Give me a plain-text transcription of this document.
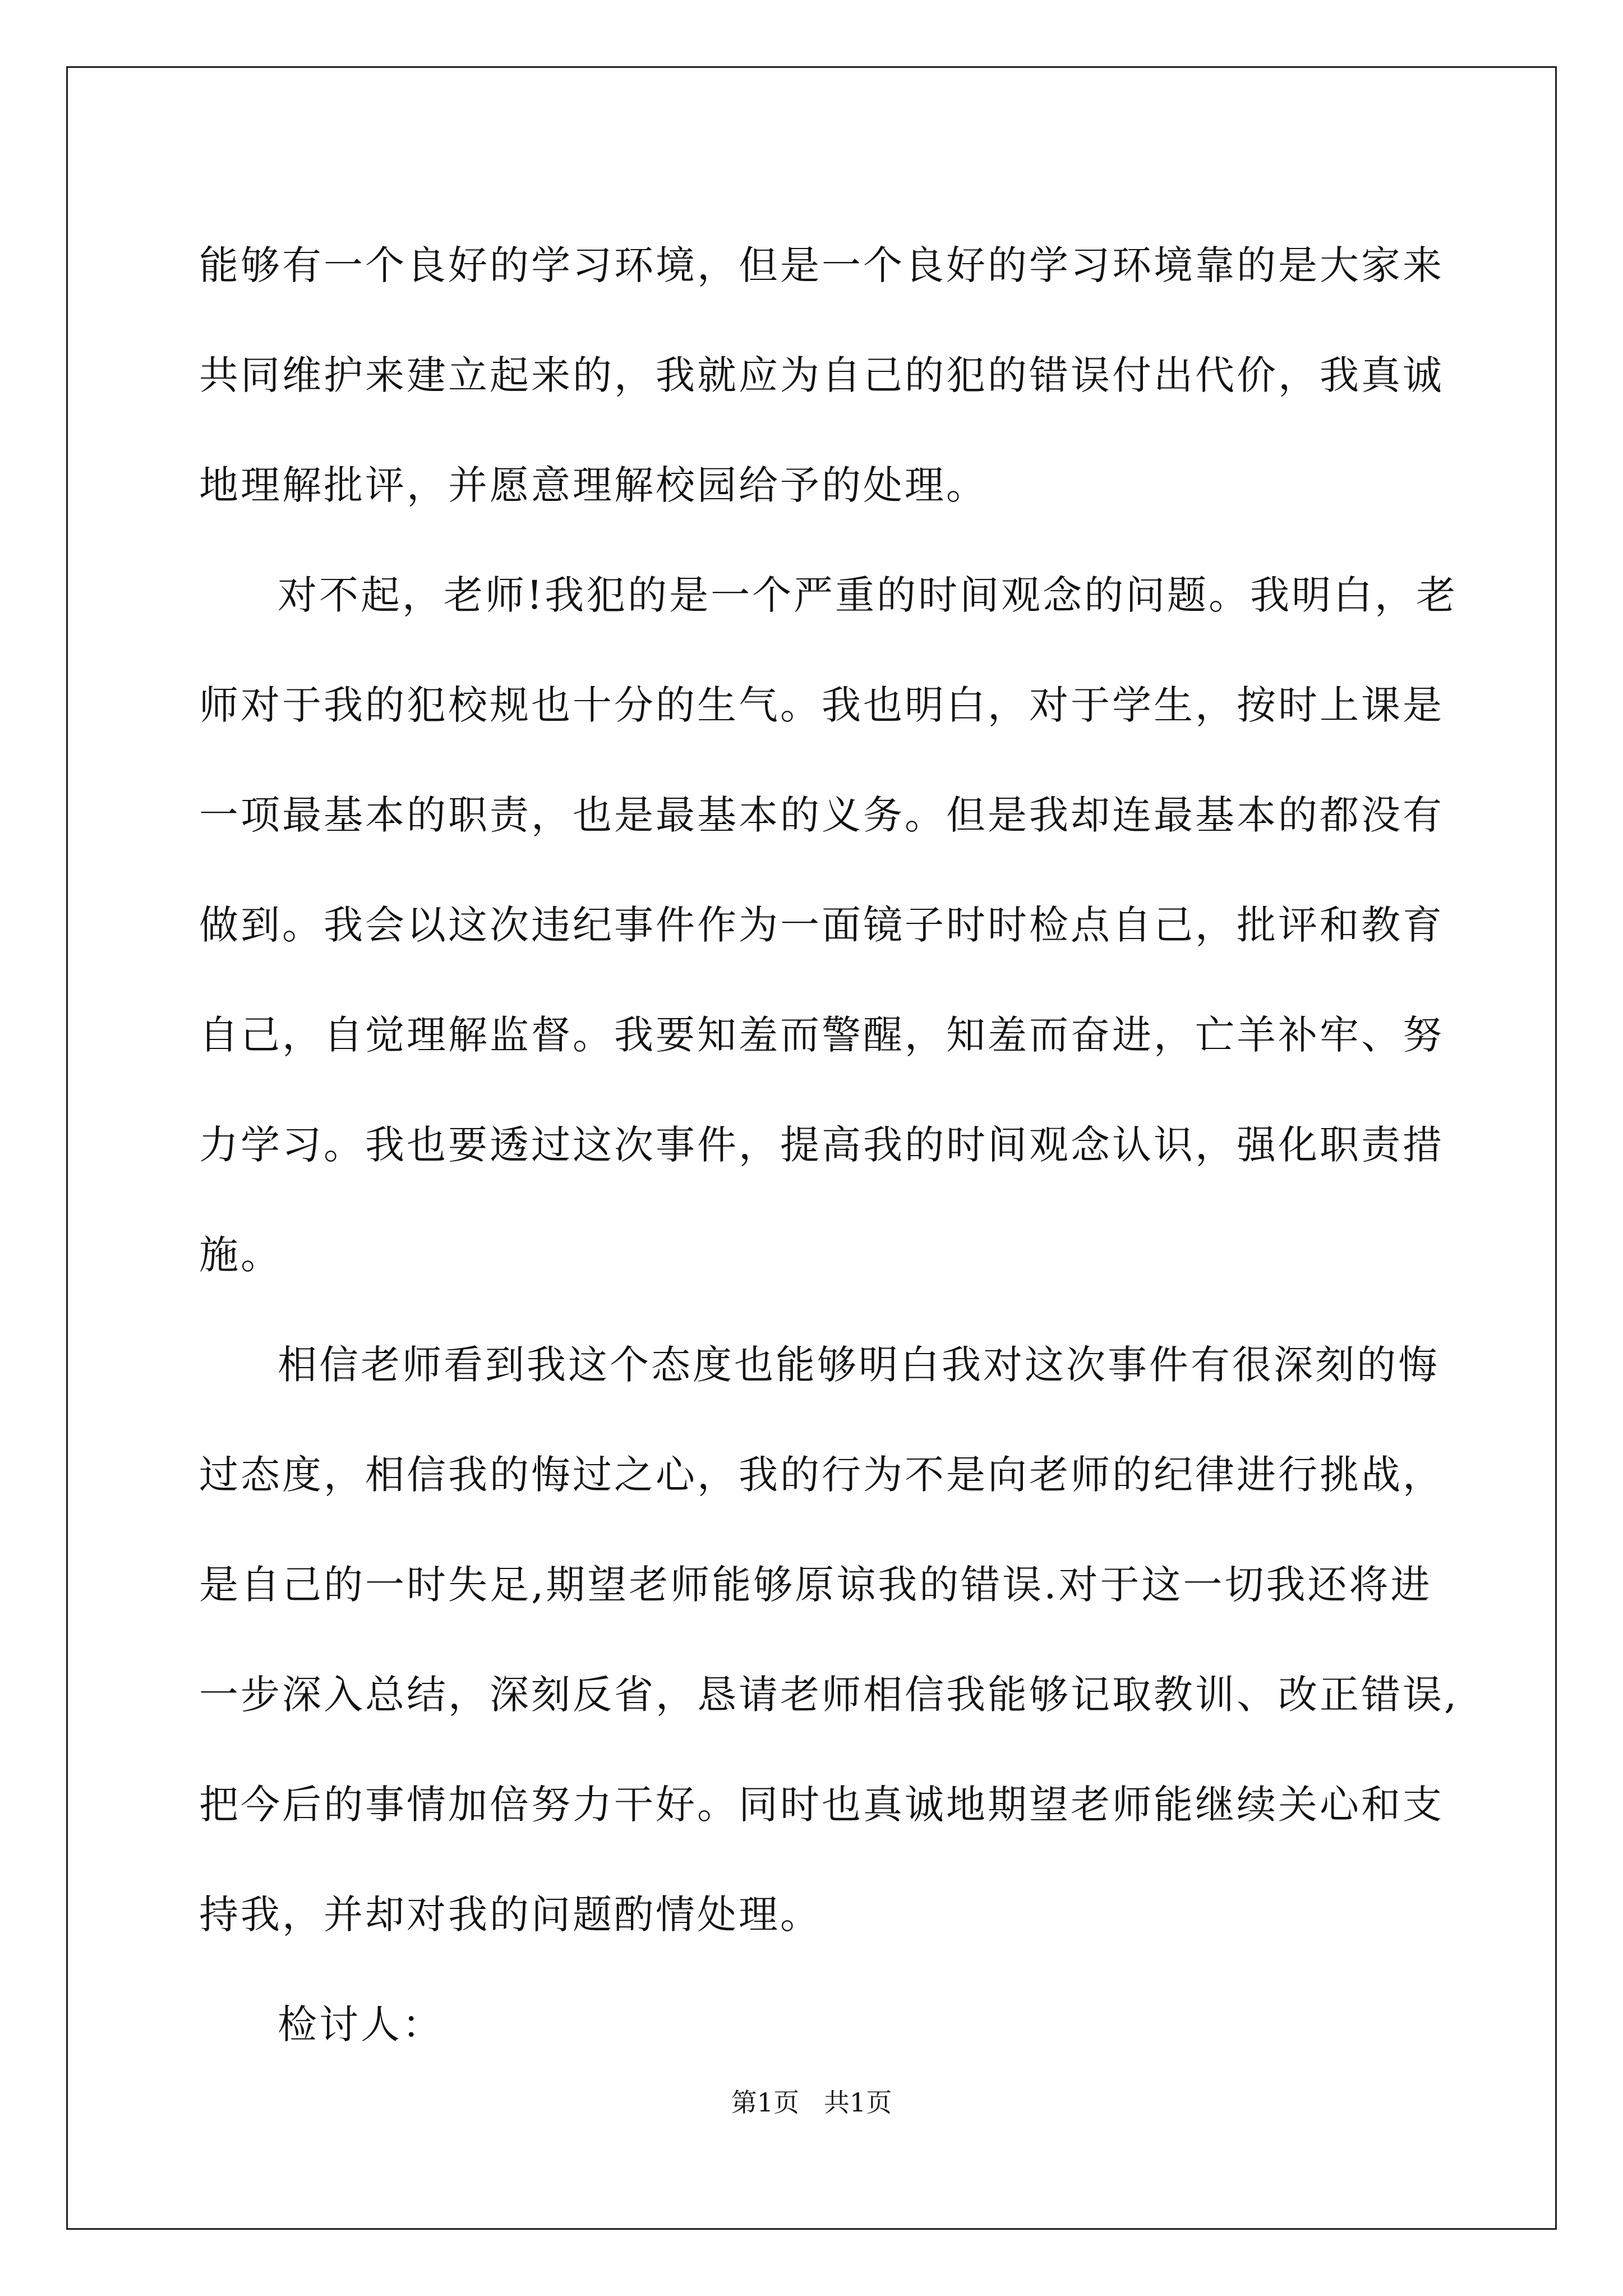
能够有一个良好的学习环境，但是一个良好的学习环境靠的是大家来
共同维护来建立起来的，我就应为自己的犯的错误付出代价，我真诚
地理解批评，并愿意理解校园给予的处理。
对不起，老师!我犯的是一个严重的时间观念的问题。我明白，老
师对于我的犯校规也十分的生气。我也明白，对于学生，按时上课是
一项最基本的职责，也是最基本的义务。但是我却连最基本的都没有
做到。我会以这次违纪事件作为一面镜子时时检点自己，批评和教育
自己，自觉理解监督。我要知羞而警醒，知羞而奋进，亡羊补牢、努
力学习。我也要透过这次事件，提高我的时间观念认识，强化职责措
施。
相信老师看到我这个态度也能够明白我对这次事件有很深刻的悔
过态度，相信我的悔过之心，我的行为不是向老师的纪律进行挑战，
是自己的一时失足,期望老师能够原谅我的错误.对于这一切我还将进
一步深入总结，深刻反省，恳请老师相信我能够记取教训、改正错误,
把今后的事情加倍努力干好。同时也真诚地期望老师能继续关心和支
持我，并却对我的问题酌情处理。
检讨人：
第1页   共1页
